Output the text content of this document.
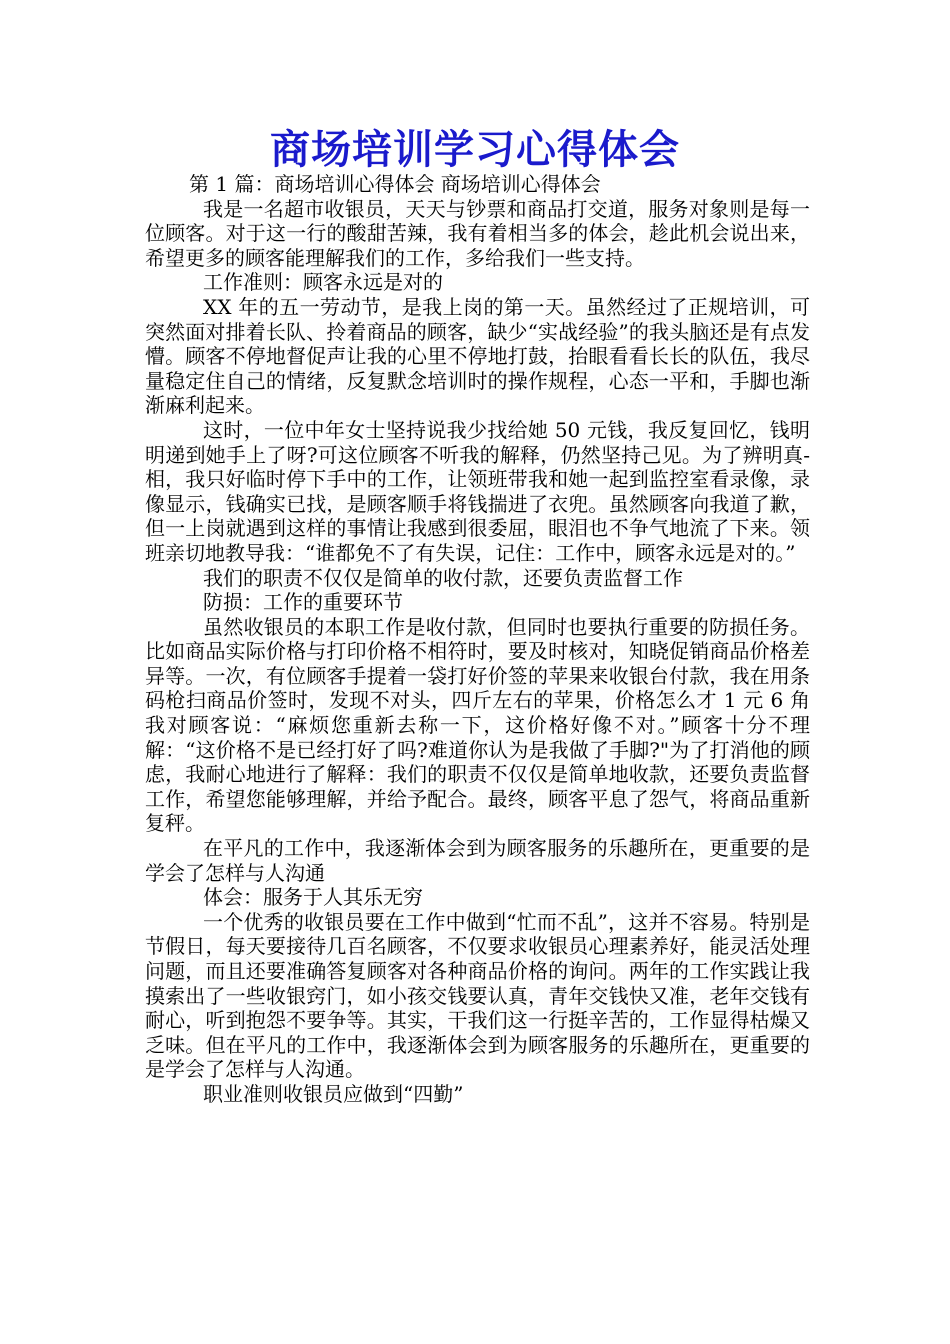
商场培训学习心得体会

第 1 篇：商场培训心得体会 商场培训心得体会

我是一名超市收银员，天天与钞票和商品打交道，服务对象则是每一位顾客。对于这一行的酸甜苦辣，我有着相当多的体会，趁此机会说出来，希望更多的顾客能理解我们的工作，多给我们一些支持。

工作准则：顾客永远是对的

XX 年的五一劳动节，是我上岗的第一天。虽然经过了正规培训，可突然面对排着长队、拎着商品的顾客，缺少“实战经验”的我头脑还是有点发懵。顾客不停地督促声让我的心里不停地打鼓，抬眼看看长长的队伍，我尽量稳定住自己的情绪，反复默念培训时的操作规程，心态一平和，手脚也渐渐麻利起来。

这时，一位中年女士坚持说我少找给她 50 元钱，我反复回忆，钱明明递到她手上了呀?可这位顾客不听我的解释，仍然坚持己见。为了辨明真-相，我只好临时停下手中的工作，让领班带我和她一起到监控室看录像，录像显示，钱确实已找，是顾客顺手将钱揣进了衣兜。虽然顾客向我道了歉，但一上岗就遇到这样的事情让我感到很委屈，眼泪也不争气地流了下来。领班亲切地教导我：“谁都免不了有失误，记住：工作中，顾客永远是对的。”

我们的职责不仅仅是简单的收付款，还要负责监督工作

防损：工作的重要环节

虽然收银员的本职工作是收付款，但同时也要执行重要的防损任务。比如商品实际价格与打印价格不相符时，要及时核对，知晓促销商品价格差异等。一次，有位顾客手提着一袋打好价签的苹果来收银台付款，我在用条码枪扫商品价签时，发现不对头，四斤左右的苹果，价格怎么才 1 元 6 角我对顾客说：“麻烦您重新去称一下，这价格好像不对。”顾客十分不理解：“这价格不是已经打好了吗?难道你认为是我做了手脚?"为了打消他的顾虑，我耐心地进行了解释：我们的职责不仅仅是简单地收款，还要负责监督工作，希望您能够理解，并给予配合。最终，顾客平息了怨气，将商品重新复秤。

在平凡的工作中，我逐渐体会到为顾客服务的乐趣所在，更重要的是学会了怎样与人沟通

体会：服务于人其乐无穷

一个优秀的收银员要在工作中做到“忙而不乱”，这并不容易。特别是节假日，每天要接待几百名顾客，不仅要求收银员心理素养好，能灵活处理问题，而且还要准确答复顾客对各种商品价格的询问。两年的工作实践让我摸索出了一些收银窍门，如小孩交钱要认真，青年交钱快又准，老年交钱有耐心，听到抱怨不要争等。其实，干我们这一行挺辛苦的，工作显得枯燥又乏味。但在平凡的工作中，我逐渐体会到为顾客服务的乐趣所在，更重要的是学会了怎样与人沟通。

职业准则收银员应做到“四勤”
